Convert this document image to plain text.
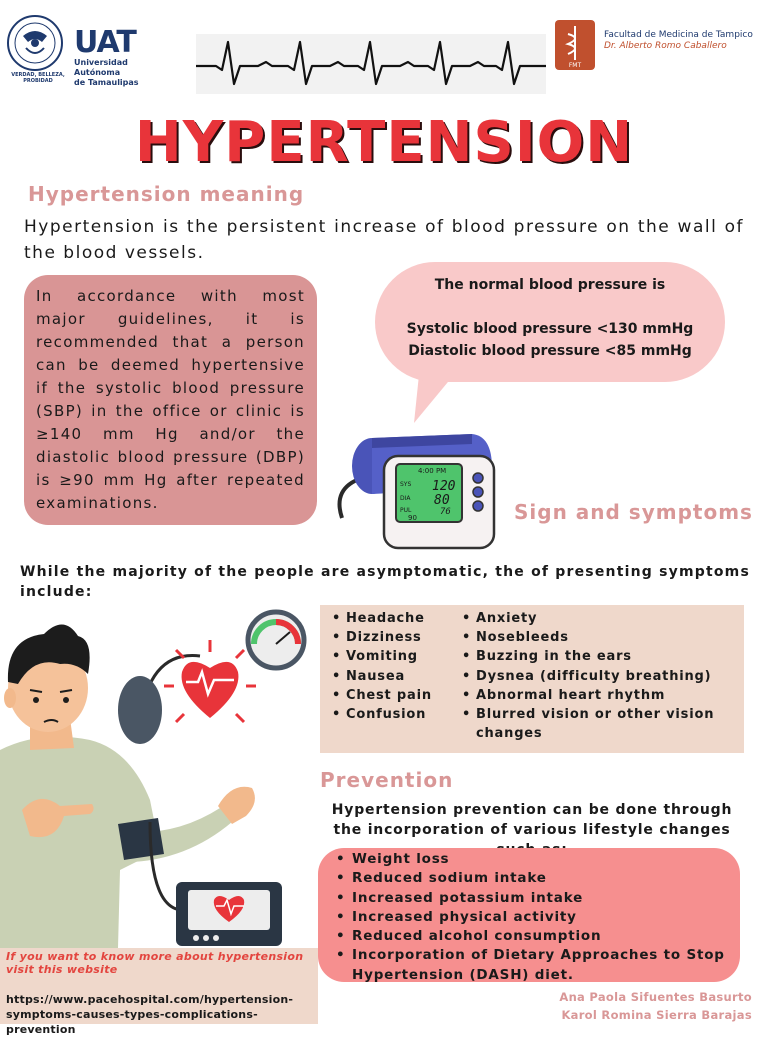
VERDAD, BELLEZA, PROBIDAD
UAT
Universidad Autónoma
de Tamaulipas
FMT
Facultad de Medicina de Tampico
Dr. Alberto Romo Caballero
HYPERTENSION
Hypertension meaning
Hypertension is the persistent increase of blood pressure on the wall of the blood vessels.
In accordance with most major guidelines, it is recommended that a person can be deemed hypertensive if the systolic blood pressure (SBP) in the office or clinic is ≥140 mm Hg and/or the diastolic blood pressure (DBP) is ≥90 mm Hg after repeated examinations.
The normal blood pressure is
Systolic blood pressure <130 mmHg
Diastolic blood pressure <85 mmHg
4:00 PM
SYS
DIA
PUL
120
80
76
90	Sign and symptoms
While the majority of the people are asymptomatic, the of presenting symptoms include:
• Headache
• Dizziness
• Vomiting
• Nausea
• Chest pain
• Confusion
• Anxiety
• Nosebleeds
• Buzzing in the ears
• Dysnea (difficulty breathing)
• Abnormal heart rhythm
• Blurred vision or other vision changes
Prevention
Hypertension prevention can be done through the incorporation of various lifestyle changes
• Weight loss
• Reduced sodium intake
• Increased potassium intake
• Increased physical activity
• Reduced alcohol consumption
• Incorporation of Dietary Approaches to Stop Hypertension (DASH) diet.
If you want to know more about hypertension visit this website
https://www.pacehospital.com/hypertension-symptoms-causes-types-complications-prevention
Ana Paola Sifuentes Basurto
Karol Romina Sierra Barajas
